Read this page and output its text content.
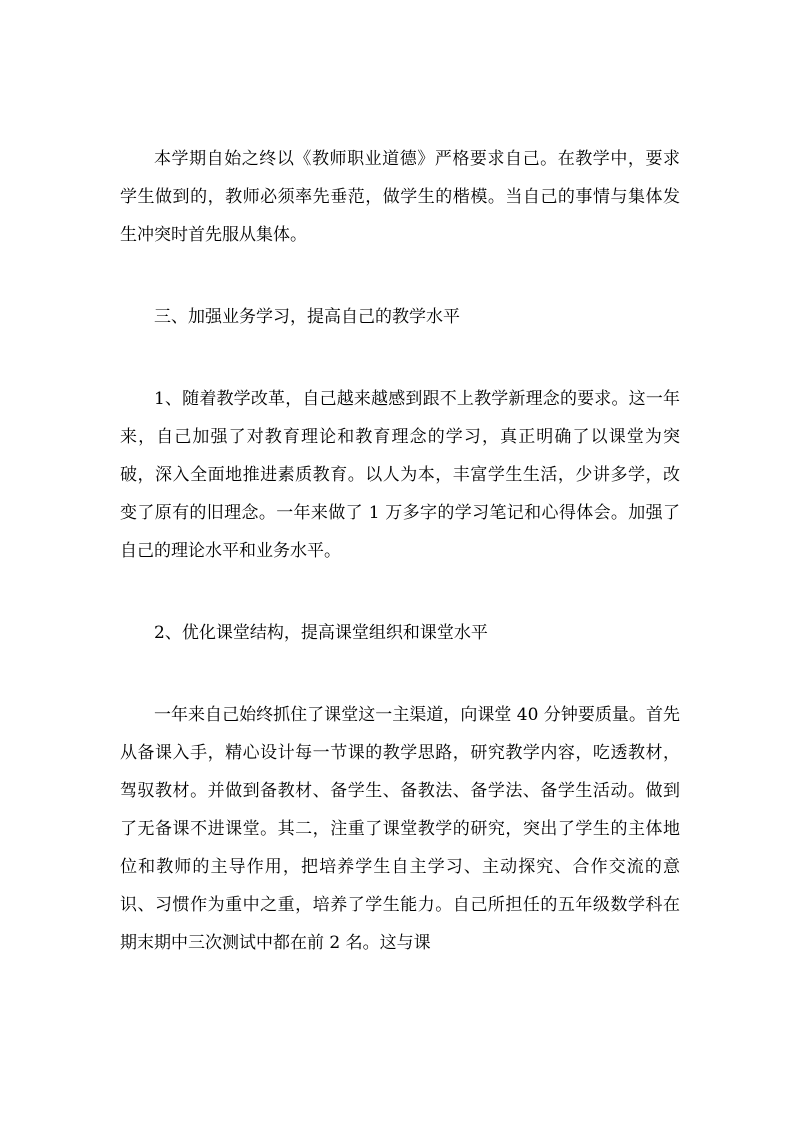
本学期自始之终以《教师职业道德》严格要求自己。在教学中，要求学生做到的，教师必须率先垂范，做学生的楷模。当自己的事情与集体发生冲突时首先服从集体。

三、加强业务学习，提高自己的教学水平

1、随着教学改革，自己越来越感到跟不上教学新理念的要求。这一年来，自己加强了对教育理论和教育理念的学习，真正明确了以课堂为突破，深入全面地推进素质教育。以人为本，丰富学生生活，少讲多学，改变了原有的旧理念。一年来做了 1 万多字的学习笔记和心得体会。加强了自己的理论水平和业务水平。

2、优化课堂结构，提高课堂组织和课堂水平

一年来自己始终抓住了课堂这一主渠道，向课堂 40 分钟要质量。首先从备课入手，精心设计每一节课的教学思路，研究教学内容，吃透教材，驾驭教材。并做到备教材、备学生、备教法、备学法、备学生活动。做到了无备课不进课堂。其二，注重了课堂教学的研究，突出了学生的主体地位和教师的主导作用，把培养学生自主学习、主动探究、合作交流的意识、习惯作为重中之重，培养了学生能力。自己所担任的五年级数学科在期末期中三次测试中都在前 2 名。这与课
